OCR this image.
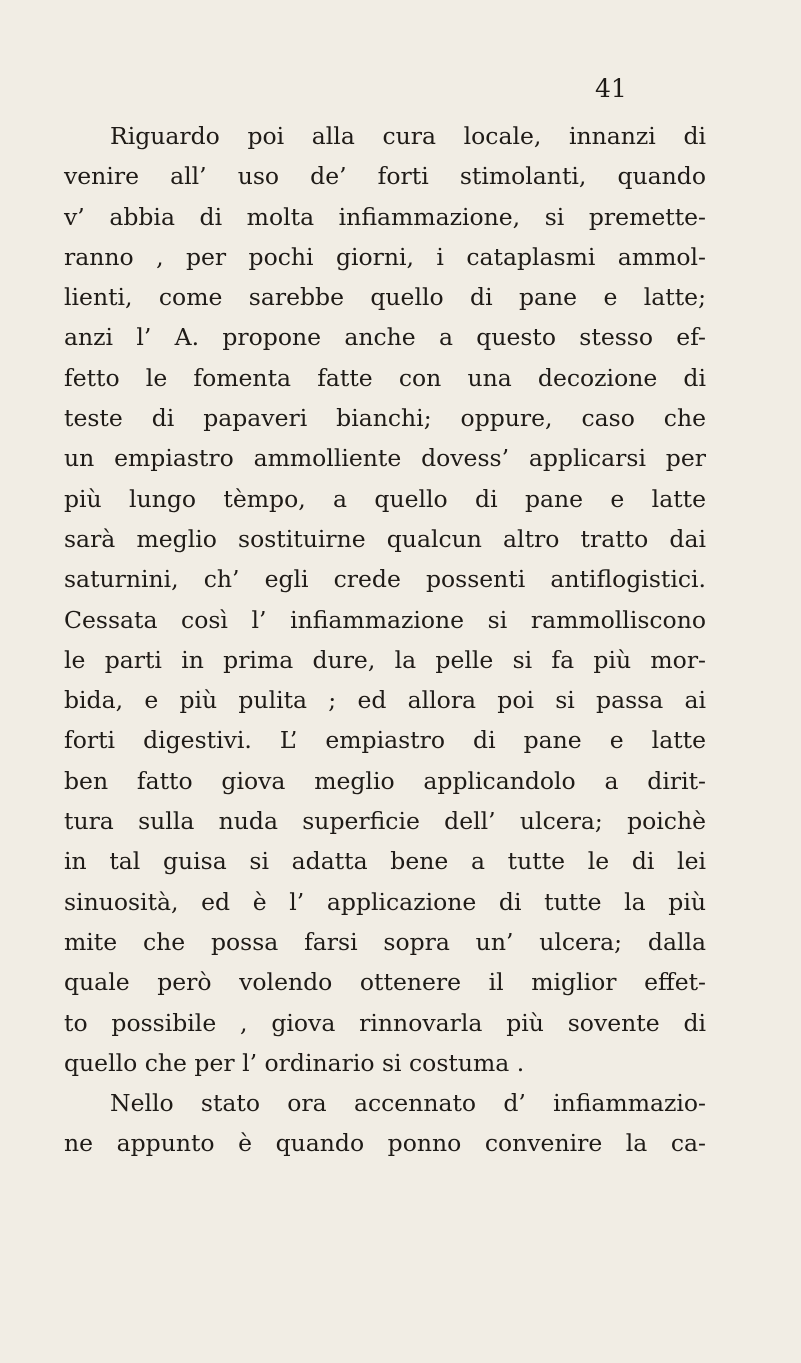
41
Riguardo poi alla cura locale, innanzi di
venire all’ uso de’ forti stimolanti, quando
v’ abbia di molta infiammazione, si premette-
ranno , per pochi giorni, i cataplasmi ammol-
lienti, come sarebbe quello di pane e latte;
anzi l’ A. propone anche a questo stesso ef-
fetto le fomenta fatte con una decozione di
teste di papaveri bianchi; oppure, caso che
un empiastro ammolliente dovess’ applicarsi per
più lungo tèmpo, a quello di pane e latte
sarà meglio sostituirne qualcun altro tratto dai
saturnini, ch’ egli crede possenti antiflogistici.
Cessata così l’ infiammazione si rammolliscono
le parti in prima dure, la pelle si fa più mor-
bida, e più pulita ; ed allora poi si passa ai
forti digestivi. L’ empiastro di pane e latte
ben fatto giova meglio applicandolo a dirit-
tura sulla nuda superficie dell’ ulcera; poichè
in tal guisa si adatta bene a tutte le di lei
sinuosità, ed è l’ applicazione di tutte la più
mite che possa farsi sopra un’ ulcera; dalla
quale però volendo ottenere il miglior effet-
to possibile , giova rinnovarla più sovente di
quello che per l’ ordinario si costuma .
Nello stato ora accennato d’ infiammazio-
ne appunto è quando ponno convenire la ca-
